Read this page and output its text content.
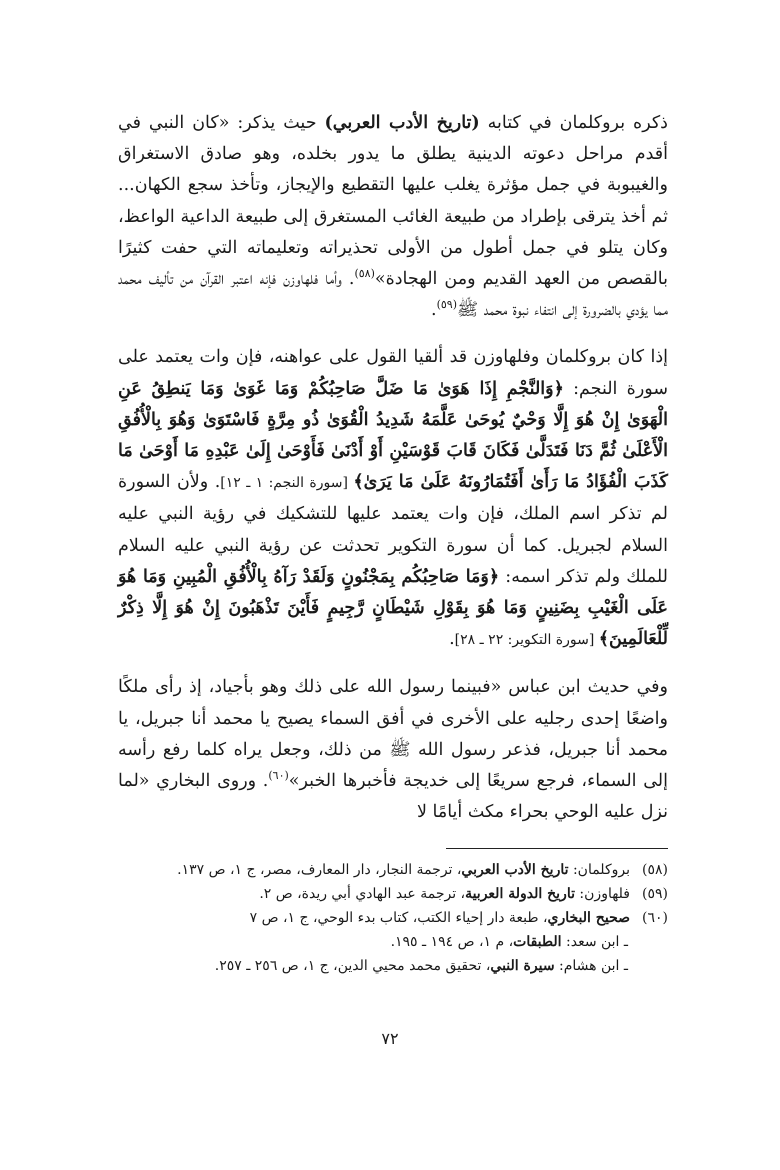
ذكره بروكلمان في كتابه (تاريخ الأدب العربي) حيث يذكر: «كان النبي في أقدم مراحل دعوته الدينية يطلق ما يدور بخلده، وهو صادق الاستغراق والغيبوبة في جمل مؤثرة يغلب عليها التقطيع والإيجاز، وتأخذ سجع الكهان... ثم أخذ يترقى بإطراد من طبيعة الغائب المستغرق إلى طبيعة الداعية الواعظ، وكان يتلو في جمل أطول من الأولى تحذيراته وتعليماته التي حفت كثيرًا بالقصص من العهد القديم ومن الهجادة»$^{(٥٨)}$. وأما فلهاوزن فإنه اعتبر القرآن من تأليف محمد مما يؤدي بالضرورة إلى انتفاء نبوة محمد ﷺ$^{(٥٩)}$.

إذا كان بروكلمان وفلهاوزن قد ألقيا القول على عواهنه، فإن وات يعتمد على سورة النجم: ﴿وَالنَّجْمِ إِذَا هَوَىٰ مَا ضَلَّ صَاحِبُكُمْ وَمَا غَوَىٰ وَمَا يَنطِقُ عَنِ الْهَوَىٰ إِنْ هُوَ إِلَّا وَحْيٌ يُوحَىٰ عَلَّمَهُ شَدِيدُ الْقُوَىٰ ذُو مِرَّةٍ فَاسْتَوَىٰ وَهُوَ بِالْأُفُقِ الْأَعْلَىٰ ثُمَّ دَنَا فَتَدَلَّىٰ فَكَانَ قَابَ قَوْسَيْنِ أَوْ أَدْنَىٰ فَأَوْحَىٰ إِلَىٰ عَبْدِهِ مَا أَوْحَىٰ مَا كَذَبَ الْفُؤَادُ مَا رَأَىٰ أَفَتُمَارُونَهُ عَلَىٰ مَا يَرَىٰ﴾ [سورة النجم: ١ ـ ١٢]. ولأن السورة لم تذكر اسم الملك، فإن وات يعتمد عليها للتشكيك في رؤية النبي عليه السلام لجبريل. كما أن سورة التكوير تحدثت عن رؤية النبي عليه السلام للملك ولم تذكر اسمه: ﴿وَمَا صَاحِبُكُم بِمَجْنُونٍ وَلَقَدْ رَآهُ بِالْأُفُقِ الْمُبِينِ وَمَا هُوَ عَلَى الْغَيْبِ بِضَنِينٍ وَمَا هُوَ بِقَوْلِ شَيْطَانٍ رَّجِيمٍ فَأَيْنَ تَذْهَبُونَ إِنْ هُوَ إِلَّا ذِكْرٌ لِّلْعَالَمِينَ﴾ [سورة التكوير: ٢٢ ـ ٢٨].

وفي حديث ابن عباس «فبينما رسول الله على ذلك وهو بأجياد، إذ رأى ملكًا واضعًا إحدى رجليه على الأخرى في أفق السماء يصيح يا محمد أنا جبريل، يا محمد أنا جبريل، فذعر رسول الله ﷺ من ذلك، وجعل يراه كلما رفع رأسه إلى السماء، فرجع سريعًا إلى خديجة فأخبرها الخبر»$^{(٦٠)}$. وروى البخاري «لما نزل عليه الوحي بحراء مكث أيامًا لا

(٥٨)
بروكلمان: تاريخ الأدب العربي، ترجمة النجار، دار المعارف، مصر، ج ١، ص ١٣٧.

(٥٩)
فلهاوزن: تاريخ الدولة العربية، ترجمة عبد الهادي أبي ريدة، ص ٢.

(٦٠)
صحيح البخاري، طبعة دار إحياء الكتب، كتاب بدء الوحي، ج ١، ص ٧

ـ ابن سعد: الطبقات، م ١، ص ١٩٤ ـ ١٩٥.

ـ ابن هشام: سيرة النبي، تحقيق محمد محيي الدين، ج ١، ص ٢٥٦ ـ ٢٥٧.

٧٢
